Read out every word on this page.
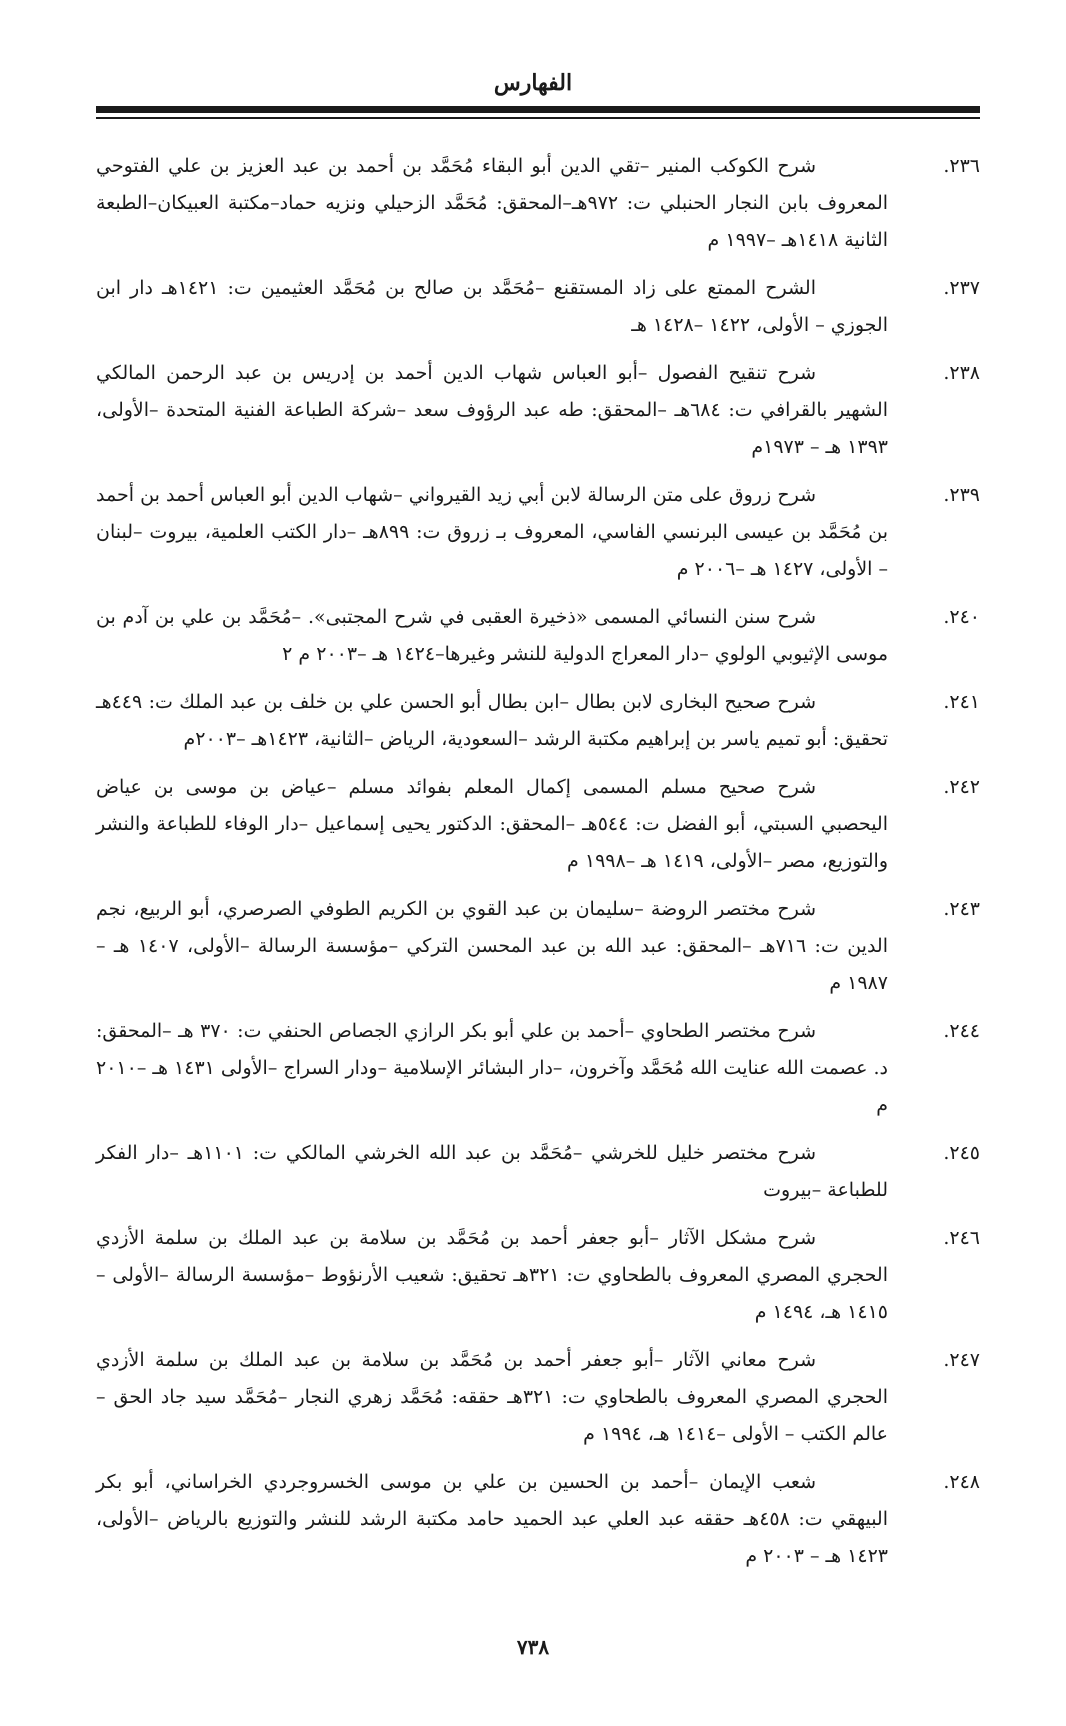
الفهارس
٢٣٦.
شرح الكوكب المنير –تقي الدين أبو البقاء مُحَمَّد بن أحمد بن عبد العزيز بن علي الفتوحي المعروف بابن النجار الحنبلي ت: ٩٧٢هـ–المحقق: مُحَمَّد الزحيلي ونزيه حماد–مكتبة العبيكان–الطبعة الثانية ١٤١٨هـ –١٩٩٧ م
٢٣٧.
الشرح الممتع على زاد المستقنع –مُحَمَّد بن صالح بن مُحَمَّد العثيمين ت: ١٤٢١هـ دار ابن الجوزي – الأولى، ١٤٢٢ –١٤٢٨ هـ
٢٣٨.
شرح تنقيح الفصول –أبو العباس شهاب الدين أحمد بن إدريس بن عبد الرحمن المالكي الشهير بالقرافي ت: ٦٨٤هـ –المحقق: طه عبد الرؤوف سعد –شركة الطباعة الفنية المتحدة –الأولى، ١٣٩٣ هـ – ١٩٧٣م
٢٣٩.
شرح زروق على متن الرسالة لابن أبي زيد القيرواني –شهاب الدين أبو العباس أحمد بن أحمد بن مُحَمَّد بن عيسى البرنسي الفاسي، المعروف بـ زروق ت: ٨٩٩هـ –دار الكتب العلمية، بيروت –لبنان – الأولى، ١٤٢٧ هـ –٢٠٠٦ م
٢٤٠.
شرح سنن النسائي المسمى «ذخيرة العقبى في شرح المجتبى». –مُحَمَّد بن علي بن آدم بن موسى الإثيوبي الولوي –دار المعراج الدولية للنشر وغيرها–١٤٢٤ هـ –٢٠٠٣ م ٢
٢٤١.
شرح صحيح البخارى لابن بطال –ابن بطال أبو الحسن علي بن خلف بن عبد الملك ت: ٤٤٩هـ تحقيق: أبو تميم ياسر بن إبراهيم مكتبة الرشد –السعودية، الرياض –الثانية، ١٤٢٣هـ –٢٠٠٣م
٢٤٢.
شرح صحيح مسلم المسمى إكمال المعلم بفوائد مسلم –عياض بن موسى بن عياض اليحصبي السبتي، أبو الفضل ت: ٥٤٤هـ –المحقق: الدكتور يحيى إسماعيل –دار الوفاء للطباعة والنشر والتوزيع، مصر –الأولى، ١٤١٩ هـ –١٩٩٨ م
٢٤٣.
شرح مختصر الروضة –سليمان بن عبد القوي بن الكريم الطوفي الصرصري، أبو الربيع، نجم الدين ت: ٧١٦هـ –المحقق: عبد الله بن عبد المحسن التركي –مؤسسة الرسالة –الأولى، ١٤٠٧ هـ –١٩٨٧ م
٢٤٤.
شرح مختصر الطحاوي –أحمد بن علي أبو بكر الرازي الجصاص الحنفي ت: ٣٧٠ هـ –المحقق: د. عصمت الله عنايت الله مُحَمَّد وآخرون، –دار البشائر الإسلامية –ودار السراج –الأولى ١٤٣١ هـ –٢٠١٠ م
٢٤٥.
شرح مختصر خليل للخرشي –مُحَمَّد بن عبد الله الخرشي المالكي ت: ١١٠١هـ –دار الفكر للطباعة –بيروت
٢٤٦.
شرح مشكل الآثار –أبو جعفر أحمد بن مُحَمَّد بن سلامة بن عبد الملك بن سلمة الأزدي الحجري المصري المعروف بالطحاوي ت: ٣٢١هـ تحقيق: شعيب الأرنؤوط –مؤسسة الرسالة –الأولى –١٤١٥ هـ، ١٤٩٤ م
٢٤٧.
شرح معاني الآثار –أبو جعفر أحمد بن مُحَمَّد بن سلامة بن عبد الملك بن سلمة الأزدي الحجري المصري المعروف بالطحاوي ت: ٣٢١هـ حققه: مُحَمَّد زهري النجار –مُحَمَّد سيد جاد الحق –عالم الكتب – الأولى –١٤١٤ هـ، ١٩٩٤ م
٢٤٨.
شعب الإيمان –أحمد بن الحسين بن علي بن موسى الخسروجردي الخراساني، أبو بكر البيهقي ت: ٤٥٨هـ حققه عبد العلي عبد الحميد حامد مكتبة الرشد للنشر والتوزيع بالرياض –الأولى، ١٤٢٣ هـ – ٢٠٠٣ م
٧٣٨
